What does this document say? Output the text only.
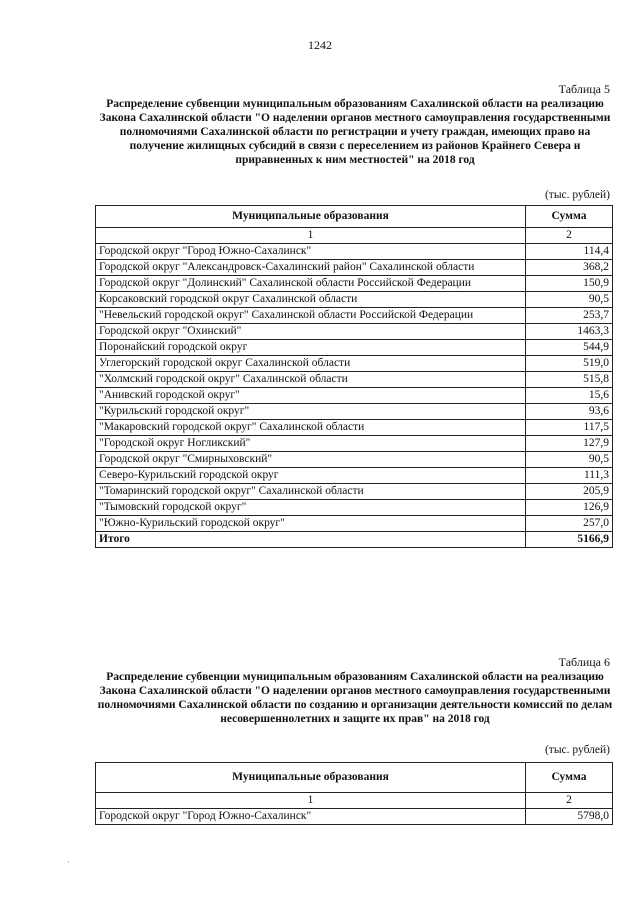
1242
Таблица 5
Распределение субвенции муниципальным образованиям Сахалинской области на реализацию Закона Сахалинской области "О наделении органов местного самоуправления государственными полномочиями Сахалинской области по регистрации и учету граждан, имеющих право на получение жилищных субсидий в связи с переселением из районов Крайнего Севера и приравненных к ним местностей" на 2018 год
(тыс. рублей)
Муниципальные образования	Сумма
1	2
Городской округ "Город Южно-Сахалинск"	114,4
Городской округ "Александровск-Сахалинский район" Сахалинской области	368,2
Городской округ "Долинский" Сахалинской области Российской Федерации	150,9
Корсаковский городской округ Сахалинской области	90,5
"Невельский городской округ" Сахалинской области Российской Федерации	253,7
Городской округ "Охинский"	1463,3
Поронайский городской округ	544,9
Углегорский городской округ Сахалинской области	519,0
"Холмский городской округ" Сахалинской области	515,8
"Анивский городской округ"	15,6
"Курильский городской округ"	93,6
"Макаровский городской округ" Сахалинской области	117,5
"Городской округ Ногликский"	127,9
Городской округ "Смирныховский"	90,5
Северо-Курильский городской округ	111,3
"Томаринский городской округ" Сахалинской области	205,9
"Тымовский городской округ"	126,9
"Южно-Курильский городской округ"	257,0
Итого	5166,9
Таблица 6
Распределение субвенции муниципальным образованиям Сахалинской области на реализацию Закона Сахалинской области "О наделении органов местного самоуправления государственными полномочиями Сахалинской области по созданию и организации деятельности комиссий по делам несовершеннолетних и защите их прав" на 2018 год
(тыс. рублей)
Муниципальные образования	Сумма
1	2
Городской округ "Город Южно-Сахалинск"	5798,0
·
